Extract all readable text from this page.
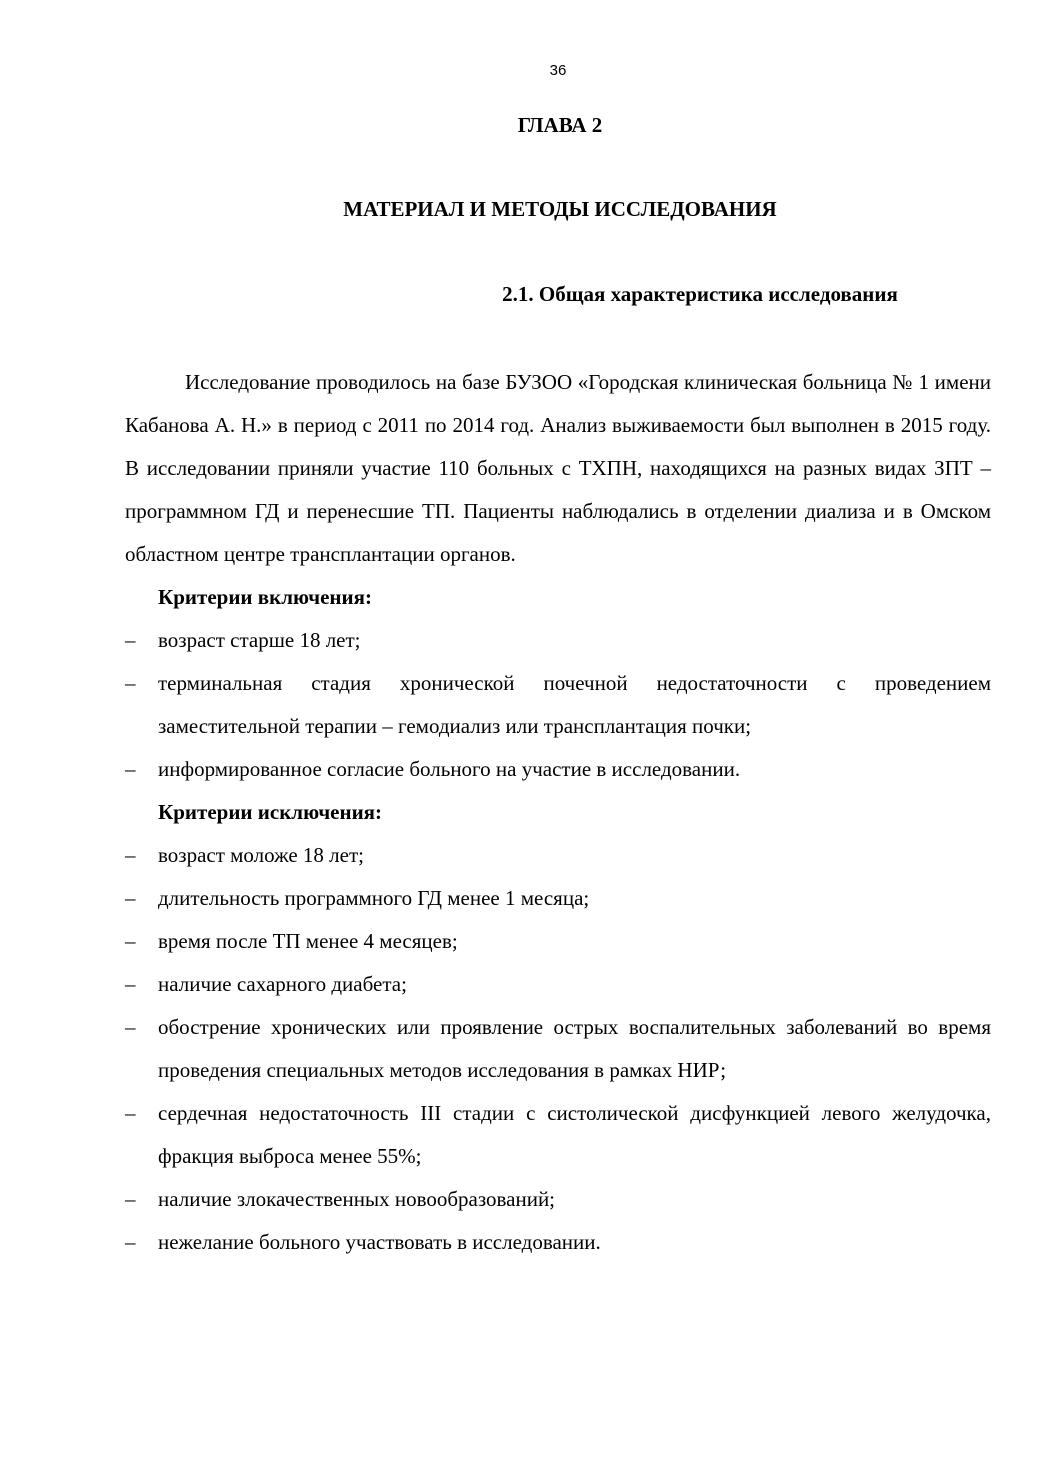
36
ГЛАВА 2
МАТЕРИАЛ И МЕТОДЫ ИССЛЕДОВАНИЯ
2.1. Общая характеристика исследования

Исследование проводилось на базе БУЗОО «Городская клиническая больница № 1 имени Кабанова А. Н.» в период с 2011 по 2014 год. Анализ выживаемости был выполнен в 2015 году. В исследовании приняли участие 110 больных с ТХПН, находящихся на разных видах ЗПТ – программном ГД и перенесшие ТП. Пациенты наблюдались в отделении диализа и в Омском областном центре трансплантации органов.

Критерии включения:

– возраст старше 18 лет;
– терминальная стадия хронической почечной недостаточности с проведением заместительной терапии – гемодиализ или трансплантация почки;
– информированное согласие больного на участие в исследовании.

Критерии исключения:

– возраст моложе 18 лет;
– длительность программного ГД менее 1 месяца;
– время после ТП менее 4 месяцев;
– наличие сахарного диабета;
– обострение хронических или проявление острых воспалительных заболеваний во время проведения специальных методов исследования в рамках НИР;
– сердечная недостаточность III стадии с систолической дисфункцией левого желудочка, фракция выброса менее 55%;
– наличие злокачественных новообразований;
– нежелание больного участвовать в исследовании.
